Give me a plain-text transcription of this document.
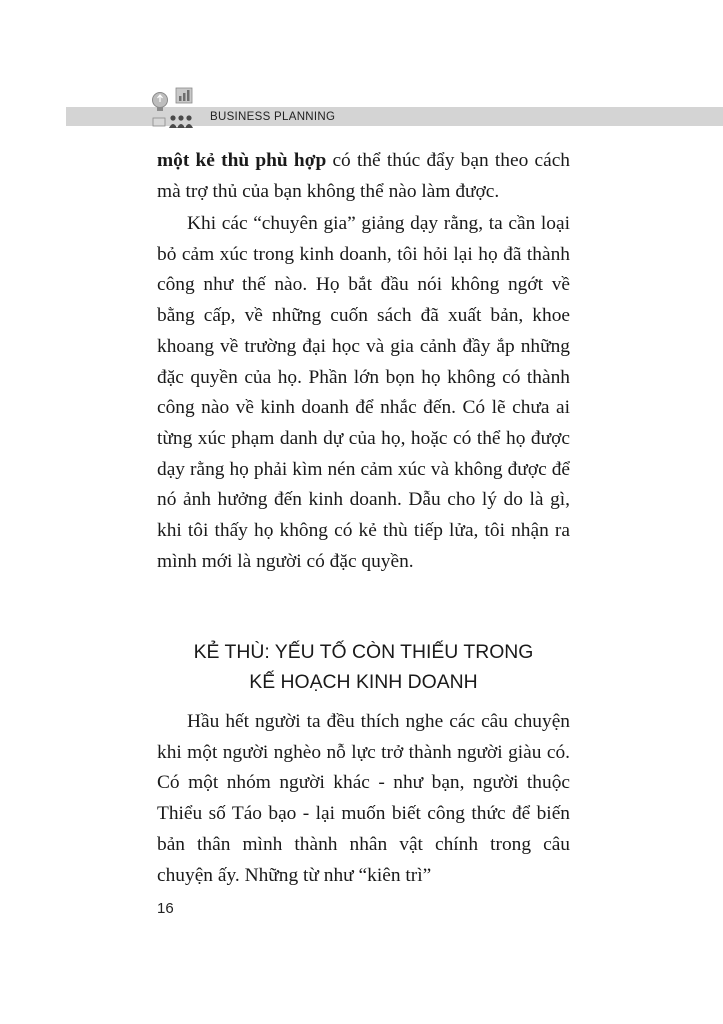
BUSINESS PLANNING

một kẻ thù phù hợp có thể thúc đẩy bạn theo cách mà trợ thủ của bạn không thể nào làm được.

Khi các “chuyên gia” giảng dạy rằng, ta cần loại bỏ cảm xúc trong kinh doanh, tôi hỏi lại họ đã thành công như thế nào. Họ bắt đầu nói không ngớt về bằng cấp, về những cuốn sách đã xuất bản, khoe khoang về trường đại học và gia cảnh đầy ắp những đặc quyền của họ. Phần lớn bọn họ không có thành công nào về kinh doanh để nhắc đến. Có lẽ chưa ai từng xúc phạm danh dự của họ, hoặc có thể họ được dạy rằng họ phải kìm nén cảm xúc và không được để nó ảnh hưởng đến kinh doanh. Dẫu cho lý do là gì, khi tôi thấy họ không có kẻ thù tiếp lửa, tôi nhận ra mình mới là người có đặc quyền.

KẺ THÙ: YẾU TỐ CÒN THIẾU TRONG
KẾ HOẠCH KINH DOANH

Hầu hết người ta đều thích nghe các câu chuyện khi một người nghèo nỗ lực trở thành người giàu có. Có một nhóm người khác - như bạn, người thuộc Thiểu số Táo bạo - lại muốn biết công thức để biến bản thân mình thành nhân vật chính trong câu chuyện ấy. Những từ như “kiên trì”

16
